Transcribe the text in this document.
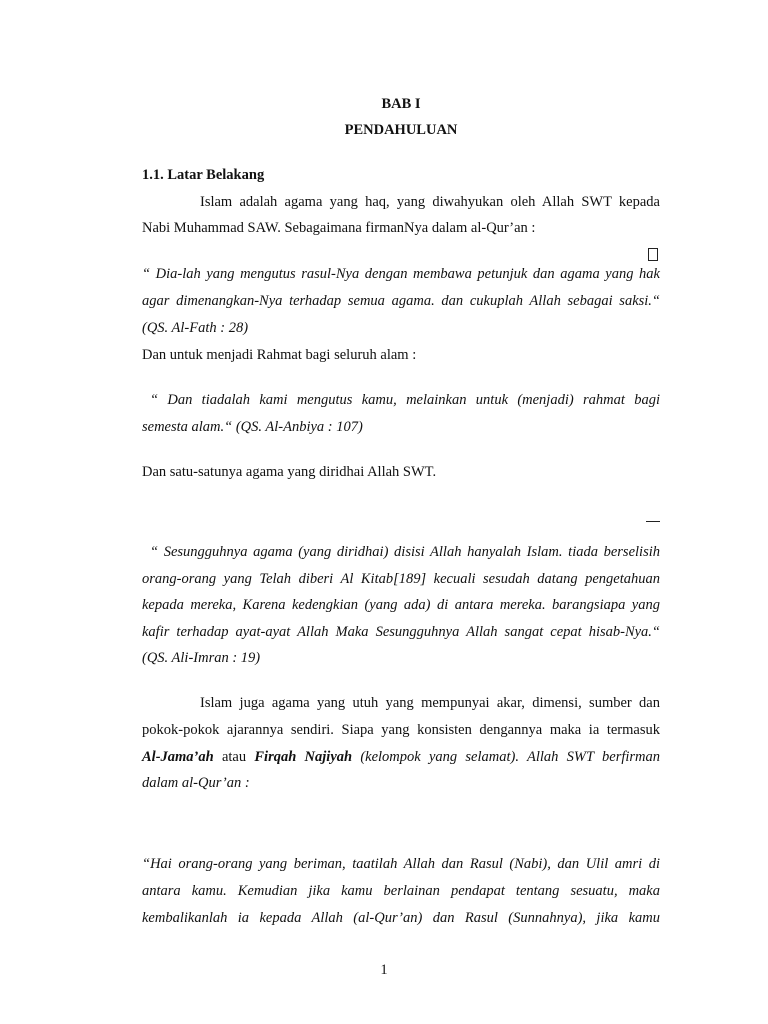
BAB I
PENDAHULUAN
1.1. Latar Belakang
Islam adalah agama yang haq, yang diwahyukan oleh Allah SWT kepada
Nabi Muhammad SAW. Sebagaimana firmanNya dalam al-Qur’an :
“ Dia-lah yang mengutus rasul-Nya dengan membawa petunjuk dan agama yang hak
agar dimenangkan-Nya terhadap semua agama. dan cukuplah Allah sebagai saksi.“
(QS. Al-Fath : 28)
Dan untuk menjadi Rahmat bagi seluruh alam :
“ Dan tiadalah kami mengutus kamu, melainkan untuk (menjadi) rahmat bagi
semesta alam.“ (QS. Al-Anbiya : 107)
Dan satu-satunya agama yang diridhai Allah SWT.
“ Sesungguhnya agama (yang diridhai) disisi Allah hanyalah Islam. tiada berselisih
orang-orang yang Telah diberi Al Kitab[189] kecuali sesudah datang pengetahuan
kepada mereka, Karena kedengkian (yang ada) di antara mereka. barangsiapa yang
kafir terhadap ayat-ayat Allah Maka Sesungguhnya Allah sangat cepat hisab-Nya.“
(QS. Ali-Imran : 19)
Islam juga agama yang utuh yang mempunyai akar, dimensi, sumber dan
pokok-pokok ajarannya sendiri. Siapa yang konsisten dengannya maka ia termasuk
Al-Jama’ah atau Firqah Najiyah (kelompok yang selamat). Allah SWT berfirman
dalam al-Qur’an :
“Hai orang-orang yang beriman, taatilah Allah dan Rasul (Nabi), dan Ulil amri di
antara kamu. Kemudian jika kamu berlainan pendapat tentang sesuatu, maka
kembalikanlah ia kepada Allah (al-Qur’an) dan Rasul (Sunnahnya), jika kamu
1
